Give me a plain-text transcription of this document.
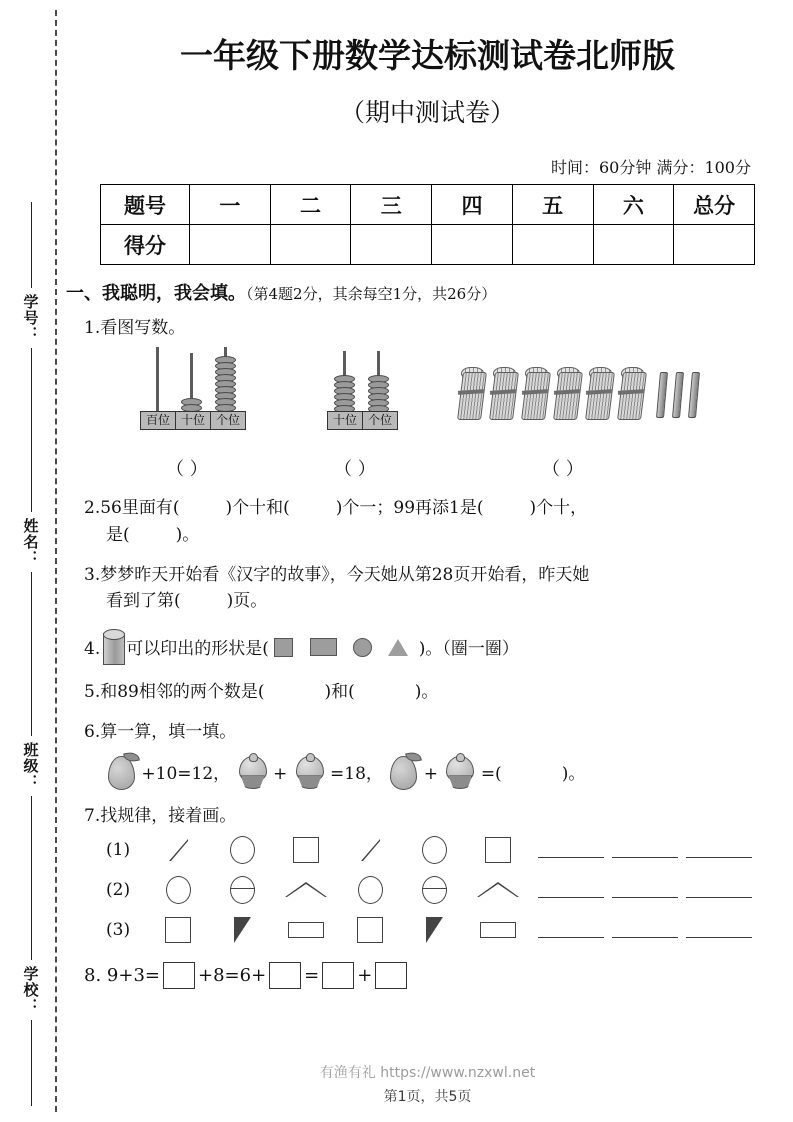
学号：
姓名：
班级：
学校：
一年级下册数学达标测试卷北师版
（期中测试卷）
时间：60分钟 满分：100分
题号	一	二	三	四	五	六	总分
得分							
一、我聪明，我会填。（第4题2分，其余每空1分，共26分）
1.看图写数。
百位 十位 个位	十位 个位
（ ）	（ ）	（ ）
2.56里面有(	)个十和(	)个一；99再添1是(	)个十，
是(	)。
3.梦梦昨天开始看《汉字的故事》，今天她从第28页开始看，昨天她
看到了第(	)页。
4. 可以印出的形状是(	)。（圈一圈）
5.和89相邻的两个数是(	)和(	)。
6.算一算，填一填。
+10=12，	+	=18， +	=(	)。
7.找规律，接着画。
(1)
(2)
(3)
8.
9+3= +8=6+ = +
有渔有礼 https://www.nzxwl.net
第1页，共5页
